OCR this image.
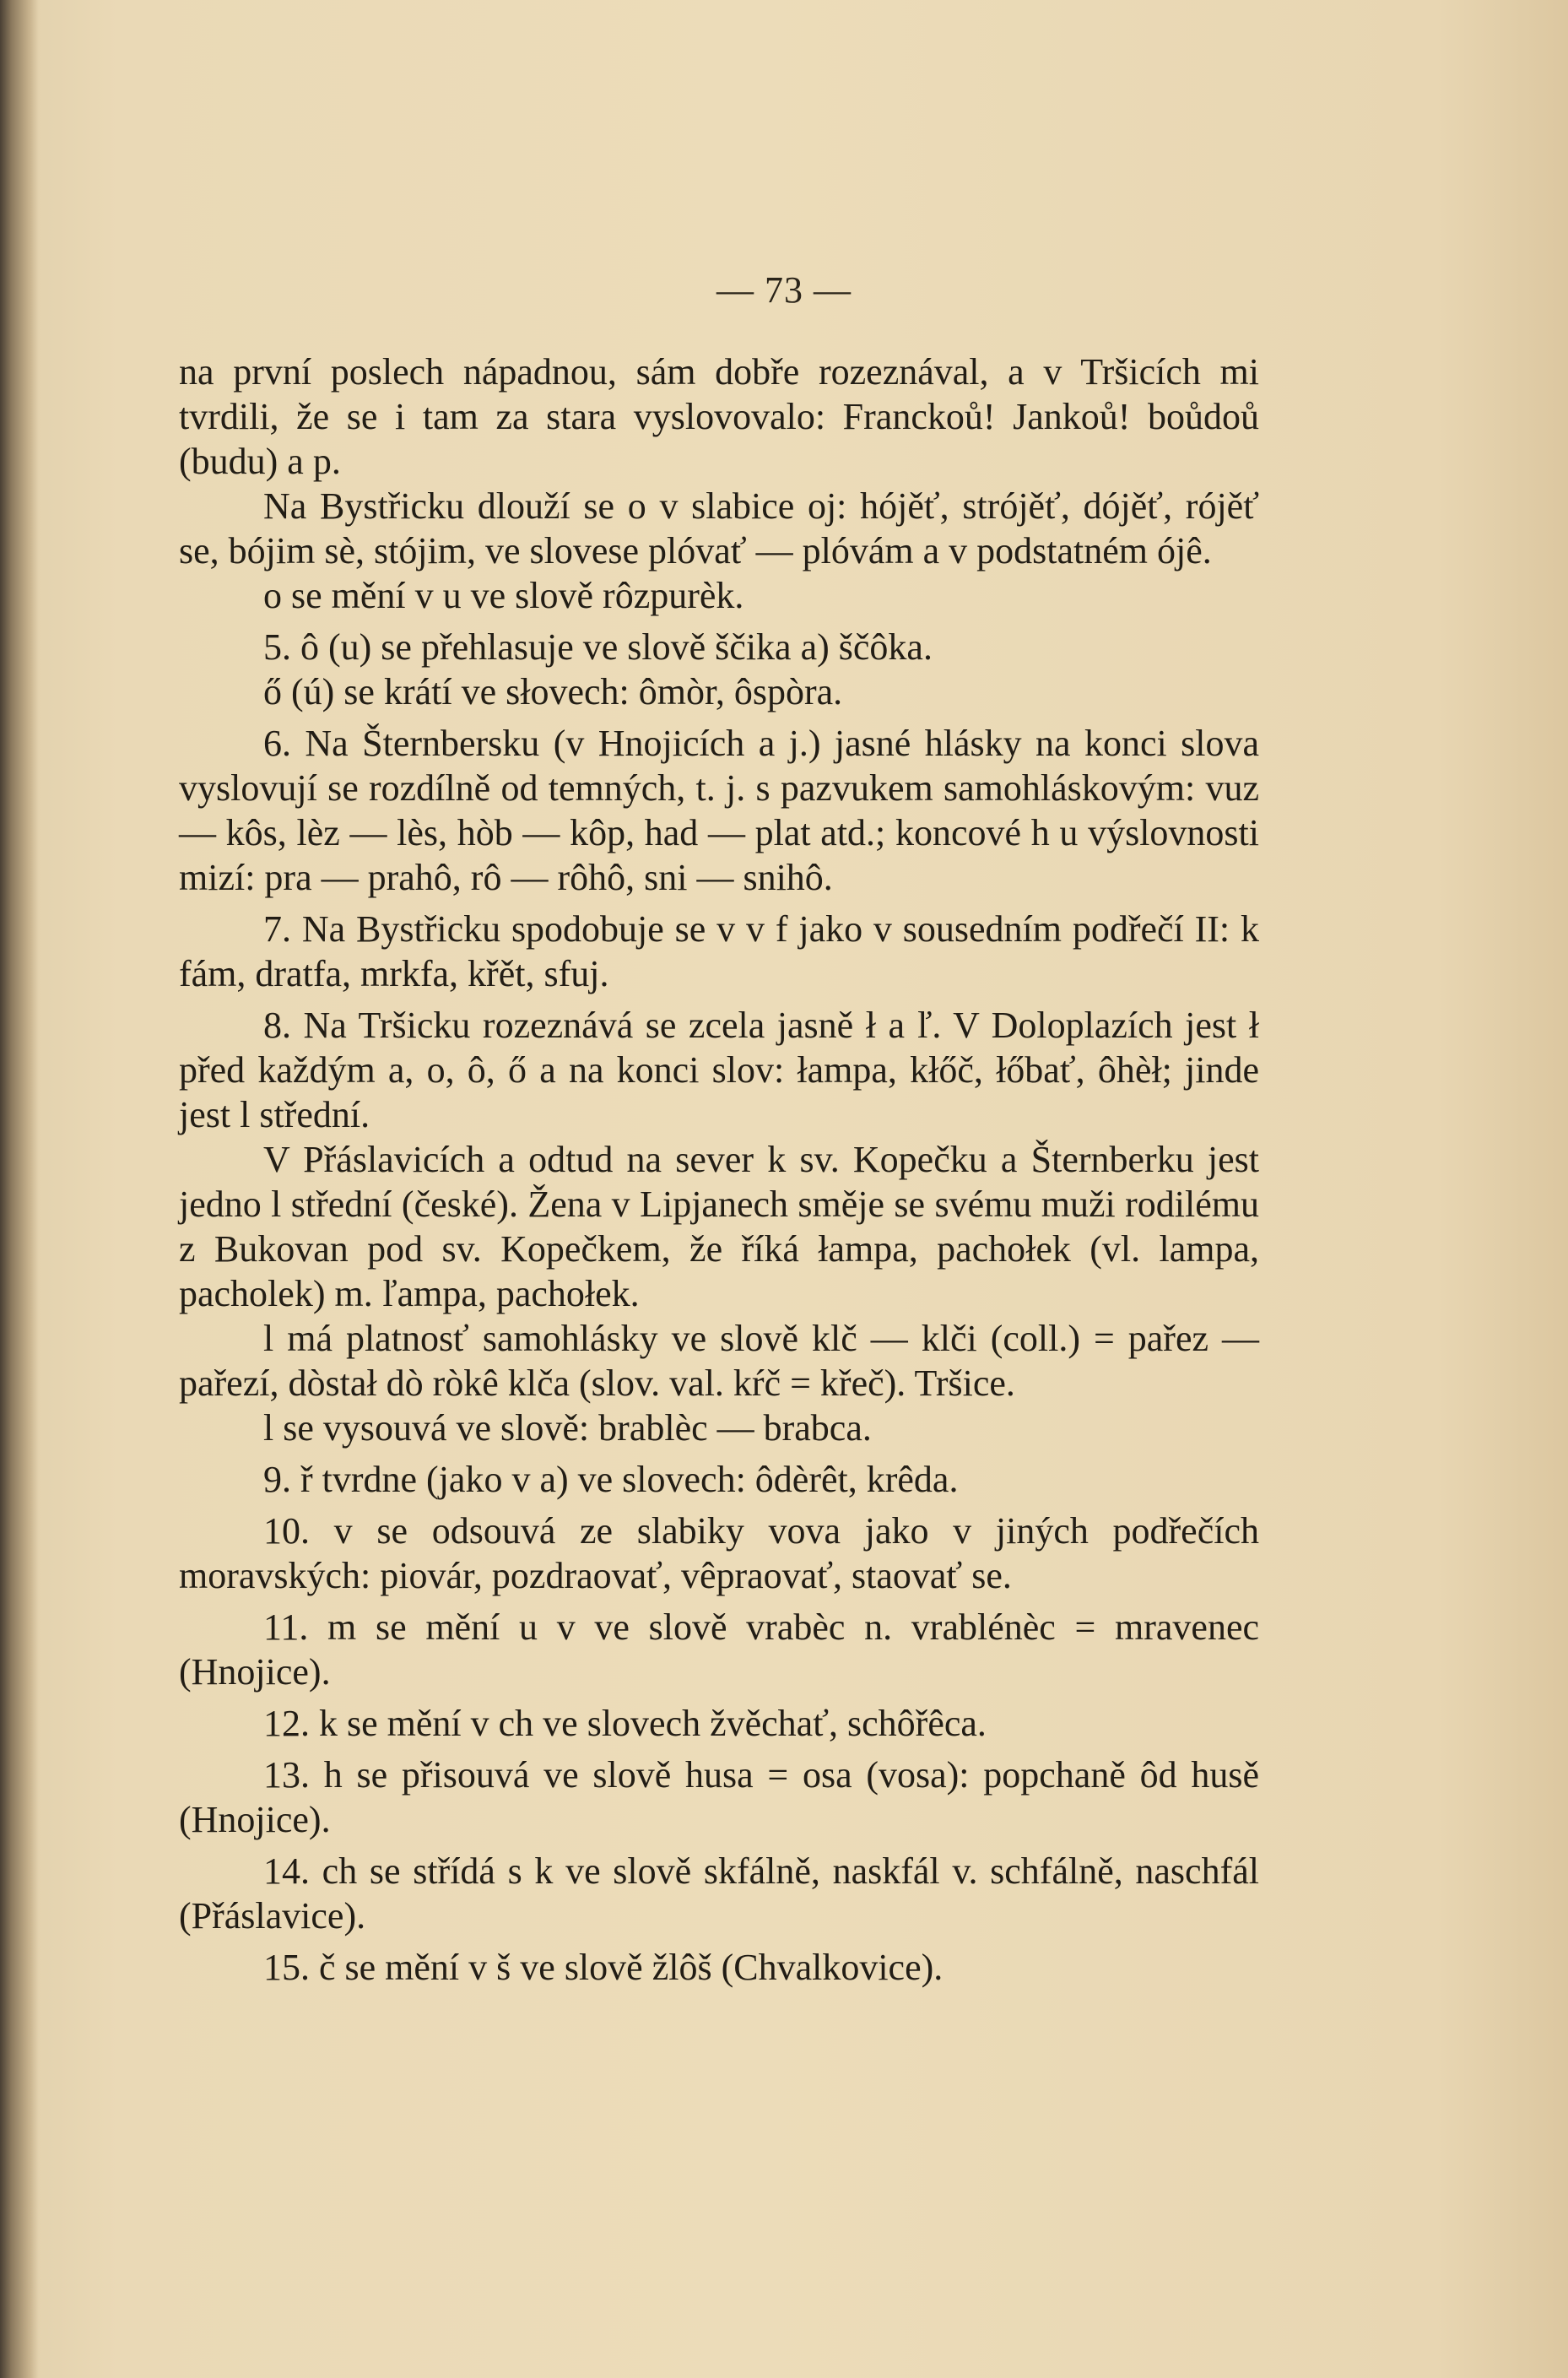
— 73 —

na první poslech nápadnou, sám dobře rozeznával, a v Tršicích mi tvrdili, že se i tam za stara vyslovovalo: Franckoů! Jankoů! boůdoů (budu) a p.

Na Bystřicku dlouží se o v slabice oj: hójěť, strójěť, dójěť, rójěť se, bójim sè, stójim, ve slovese plóvať — plóvám a v podstatném ójê.

o se mění v u ve slově rôzpurèk.

5. ô (u) se přehlasuje ve slově ščika a) ščôka.

ő (ú) se krátí ve słovech: ômòr, ôspòra.

6. Na Šternbersku (v Hnojicích a j.) jasné hlásky na konci slova vyslovují se rozdílně od temných, t. j. s pazvukem samohláskovým: vuz — kôs, lèz — lès, hòb — kôp, had — plat atd.; koncové h u výslovnosti mizí: pra — prahô, rô — rôhô, sni — snihô.

7. Na Bystřicku spodobuje se v v f jako v sousedním podřečí II: k fám, dratfa, mrkfa, křět, sfuj.

8. Na Tršicku rozeznává se zcela jasně ł a ľ. V Doloplazích jest ł před každým a, o, ô, ő a na konci slov: łampa, kłőč, łőbať, ôhèł; jinde jest l střední.

V Přáslavicích a odtud na sever k sv. Kopečku a Šternberku jest jedno l střední (české). Žena v Lipjanech směje se svému muži rodilému z Bukovan pod sv. Kopečkem, že říká łampa, pachołek (vl. lampa, pacholek) m. ľampa, pachołek.

l má platnosť samohlásky ve slově klč — klči (coll.) = pařez — pařezí, dòstał dò ròkê klča (slov. val. kŕč = křeč). Tršice.

l se vysouvá ve slově: brablèc — brabca.

9. ř tvrdne (jako v a) ve slovech: ôdèrêt, krêda.

10. v se odsouvá ze slabiky vova jako v jiných podřečích moravských: piovár, pozdraovať, vêpraovať, staovať se.

11. m se mění u v ve slově vrabèc n. vrablénèc = mravenec (Hnojice).

12. k se mění v ch ve slovech žvěchať, schôřêca.

13. h se přisouvá ve slově husa = osa (vosa): popchaně ôd husě (Hnojice).

14. ch se střídá s k ve slově skfálně, naskfál v. schfálně, naschfál (Přáslavice).

15. č se mění v š ve slově žlôš (Chvalkovice).
